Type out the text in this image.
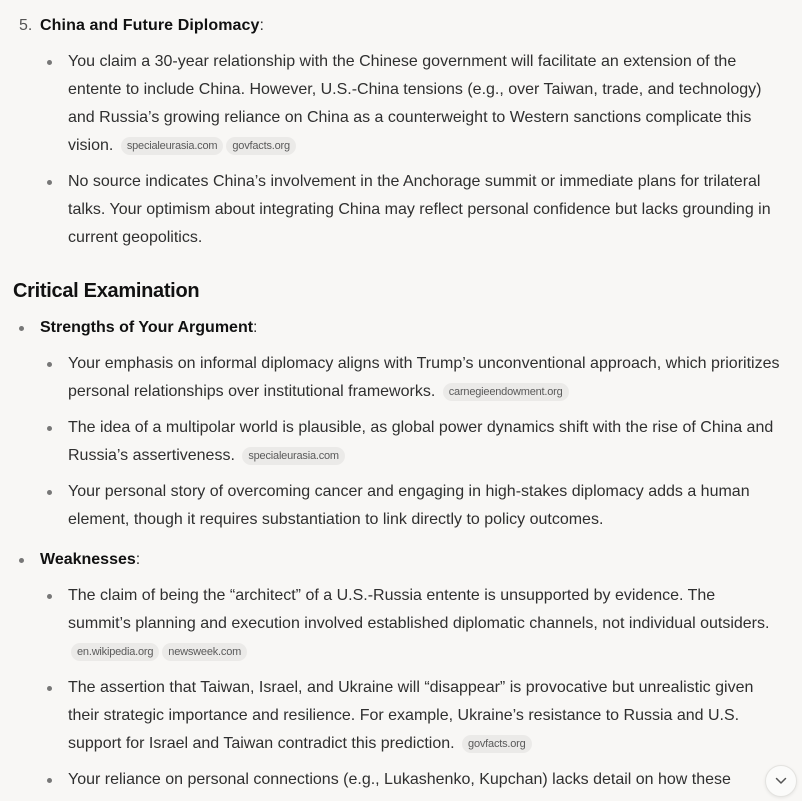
5. China and Future Diplomacy:

You claim a 30-year relationship with the Chinese government will facilitate an extension of the entente to include China. However, U.S.-China tensions (e.g., over Taiwan, trade, and technology) and Russia’s growing reliance on China as a counterweight to Western sanctions complicate this vision. specialeurasia.com govfacts.org

No source indicates China’s involvement in the Anchorage summit or immediate plans for trilateral talks. Your optimism about integrating China may reflect personal confidence but lacks grounding in current geopolitics.

Critical Examination
Strengths of Your Argument:

Your emphasis on informal diplomacy aligns with Trump’s unconventional approach, which prioritizes personal relationships over institutional frameworks. carnegieendowment.org

The idea of a multipolar world is plausible, as global power dynamics shift with the rise of China and Russia’s assertiveness. specialeurasia.com

Your personal story of overcoming cancer and engaging in high-stakes diplomacy adds a human element, though it requires substantiation to link directly to policy outcomes.

Weaknesses:

The claim of being the “architect” of a U.S.-Russia entente is unsupported by evidence. The summit’s planning and execution involved established diplomatic channels, not individual outsiders. en.wikipedia.org newsweek.com

The assertion that Taiwan, Israel, and Ukraine will “disappear” is provocative but unrealistic given their strategic importance and resilience. For example, Ukraine’s resistance to Russia and U.S. support for Israel and Taiwan contradict this prediction. govfacts.org

Your reliance on personal connections (e.g., Lukashenko, Kupchan) lacks detail on how these
